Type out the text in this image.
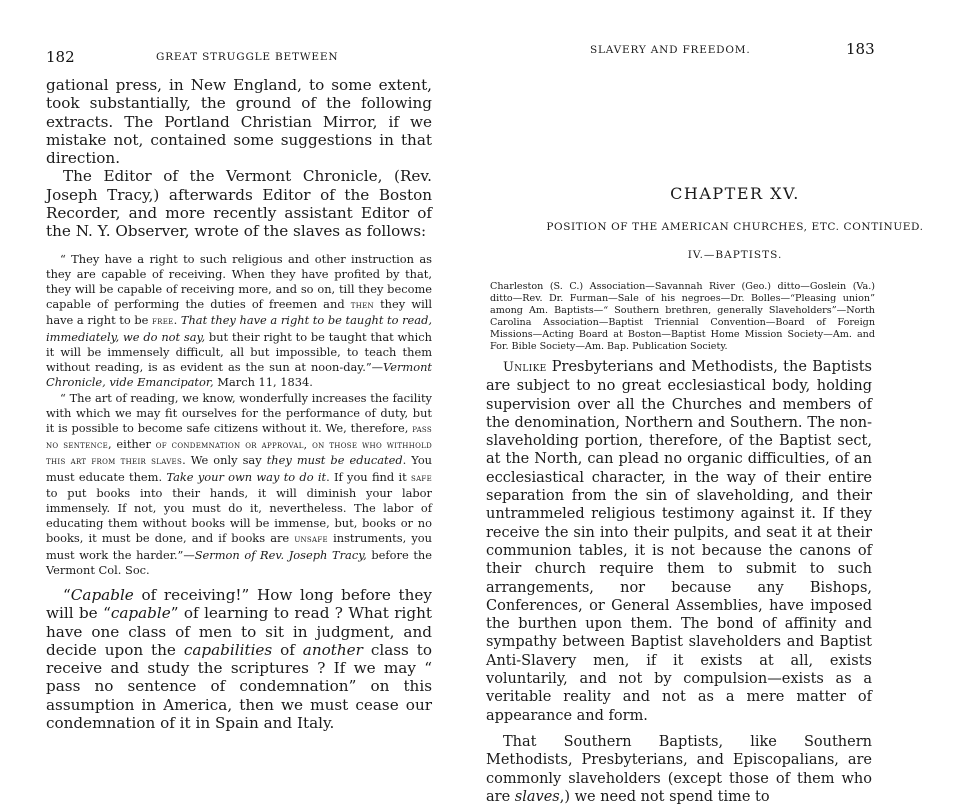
182	GREAT STRUGGLE BETWEEN

gational press, in New England, to some extent, took substantially, the ground of the following extracts. The Portland Christian Mirror, if we mistake not, contained some suggestions in that direction.

The Editor of the Vermont Chronicle, (Rev. Joseph Tracy,) afterwards Editor of the Boston Recorder, and more recently assistant Editor of the N. Y. Observer, wrote of the slaves as follows:

“ They have a right to such religious and other instruction as they are capable of receiving. When they have profited by that, they will be capable of receiving more, and so on, till they become capable of performing the duties of freemen and then they will have a right to be free. That they have a right to be taught to read, immediately, we do not say, but their right to be taught that which it will be immensely difficult, all but impossible, to teach them without reading, is as evident as the sun at noon-day.”—Vermont Chronicle, vide Emancipator, March 11, 1834.

“ The art of reading, we know, wonderfully increases the facility with which we may fit ourselves for the performance of duty, but it is possible to become safe citizens without it. We, therefore, pass no sentence, either of condemnation or approval, on those who withhold this art from their slaves. We only say they must be educated. You must educate them. Take your own way to do it. If you find it safe to put books into their hands, it will diminish your labor immensely. If not, you must do it, nevertheless. The labor of educating them without books will be immense, but, books or no books, it must be done, and if books are unsafe instruments, you must work the harder.”—Sermon of Rev. Joseph Tracy, before the Vermont Col. Soc.

“Capable of receiving!” How long before they will be “capable” of learning to read ? What right have one class of men to sit in judgment, and decide upon the capabilities of another class to receive and study the scriptures ? If we may “ pass no sentence of condemnation” on this assumption in America, then we must cease our condemnation of it in Spain and Italy.

SLAVERY AND FREEDOM.	183
CHAPTER XV.
POSITION OF THE AMERICAN CHURCHES, ETC. CONTINUED.
IV.—BAPTISTS.
Charleston (S. C.) Association—Savannah River (Geo.) ditto—Goslein (Va.) ditto—Rev. Dr. Furman—Sale of his negroes—Dr. Bolles—“Pleasing union” among Am. Baptists—“ Southern brethren, generally Slaveholders”—North Carolina Association—Baptist Triennial Convention—Board of Foreign Missions—Acting Board at Boston—Baptist Home Mission Society—Am. and For. Bible Society—Am. Bap. Publication Society.

Unlike Presbyterians and Methodists, the Baptists are subject to no great ecclesiastical body, holding supervision over all the Churches and members of the denomination, Northern and Southern. The non-slaveholding portion, therefore, of the Baptist sect, at the North, can plead no organic difficulties, of an ecclesiastical character, in the way of their entire separation from the sin of slaveholding, and their untrammeled religious testimony against it. If they receive the sin into their pulpits, and seat it at their communion tables, it is not because the canons of their church require them to submit to such arrangements, nor because any Bishops, Conferences, or General Assemblies, have imposed the burthen upon them. The bond of affinity and sympathy between Baptist slaveholders and Baptist Anti-Slavery men, if it exists at all, exists voluntarily, and not by compulsion—exists as a veritable reality and not as a mere matter of appearance and form.

That Southern Baptists, like Southern Methodists, Presbyterians, and Episcopalians, are commonly slaveholders (except those of them who are slaves,) we need not spend time to
